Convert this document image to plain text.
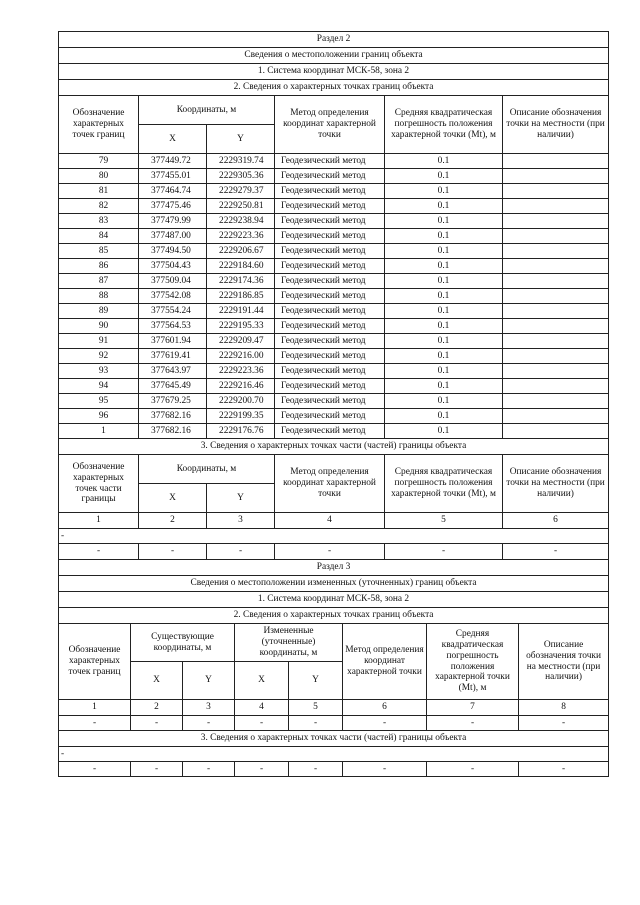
Раздел 2					
Сведения о местоположении границ объекта					
1. Система координат МСК-58, зона 2					
2. Сведения о характерных точках границ объекта					
Обозначение характерных точек границ	Координаты, м		Метод определения координат характерной точки	Средняя квадратическая погрешность положения характерной точки (Mt), м	Описание обозначения точки на местности (при наличии)
	X	Y			
79	377449.72	2229319.74	Геодезический метод	0.1	
80	377455.01	2229305.36	Геодезический метод	0.1	
81	377464.74	2229279.37	Геодезический метод	0.1	
82	377475.46	2229250.81	Геодезический метод	0.1	
83	377479.99	2229238.94	Геодезический метод	0.1	
84	377487.00	2229223.36	Геодезический метод	0.1	
85	377494.50	2229206.67	Геодезический метод	0.1	
86	377504.43	2229184.60	Геодезический метод	0.1	
87	377509.04	2229174.36	Геодезический метод	0.1	
88	377542.08	2229186.85	Геодезический метод	0.1	
89	377554.24	2229191.44	Геодезический метод	0.1	
90	377564.53	2229195.33	Геодезический метод	0.1	
91	377601.94	2229209.47	Геодезический метод	0.1	
92	377619.41	2229216.00	Геодезический метод	0.1	
93	377643.97	2229223.36	Геодезический метод	0.1	
94	377645.49	2229216.46	Геодезический метод	0.1	
95	377679.25	2229200.70	Геодезический метод	0.1	
96	377682.16	2229199.35	Геодезический метод	0.1	
1	377682.16	2229176.76	Геодезический метод	0.1	
3. Сведения о характерных точках части (частей) границы объекта					
Обозначение характерных точек части границы	Координаты, м		Метод определения координат характерной точки	Средняя квадратическая погрешность положения характерной точки (Mt), м	Описание обозначения точки на местности (при наличии)
	X	Y			
1	2	3	4	5	6
-					
-	-	-	-	-	-
Раздел 3							
Сведения о местоположении измененных (уточненных) границ объекта							
1. Система координат МСК-58, зона 2							
2. Сведения о характерных точках границ объекта							
Обозначение характерных точек границ	Существующие координаты, м		Измененные (уточненные) координаты, м		Метод определения координат характерной точки	Средняя квадратическая погрешность положения характерной точки (Mt), м	Описание обозначения точки на местности (при наличии)
	X	Y	X	Y			
1	2	3	4	5	6	7	8
-	-	-	-	-	-	-	-
3. Сведения о характерных точках части (частей) границы объекта							
-							
-	-	-	-	-	-	-	-
